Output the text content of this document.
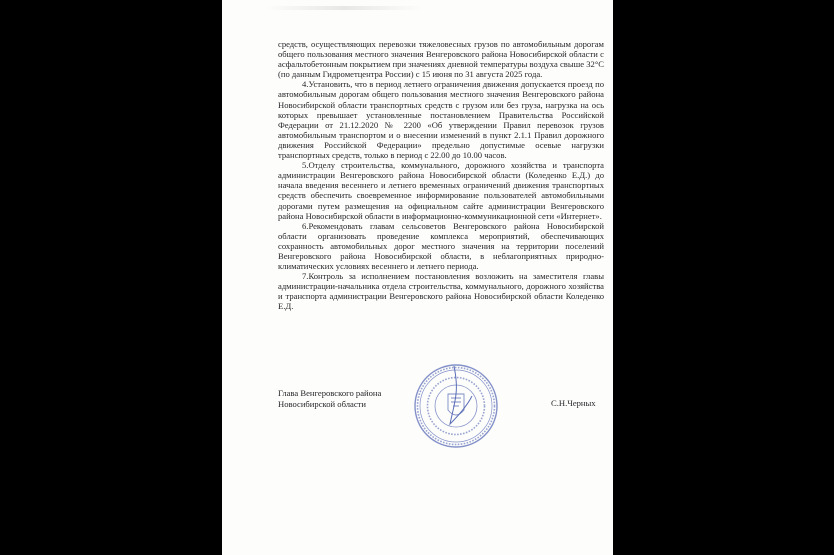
средств, осуществляющих перевозки тяжеловесных грузов по автомобильным дорогам общего пользования местного значения Венгеровского района Новосибирской области с асфальтобетонным покрытием при значениях дневной температуры воздуха свыше 32°С (по данным Гидрометцентра России) с 15 июня по 31 августа 2025 года.

4.Установить, что в период летнего ограничения движения допускается проезд по автомобильным дорогам общего пользования местного значения Венгеровского района Новосибирской области транспортных средств с грузом или без груза, нагрузка на ось которых превышает установленные постановлением Правительства Российской Федерации от 21.12.2020 № 2200 «Об утверждении Правил перевозок грузов автомобильным транспортом и о внесении изменений в пункт 2.1.1 Правил дорожного движения Российской Федерации» предельно допустимые осевые нагрузки транспортных средств, только в период с 22.00 до 10.00 часов.

5.Отделу строительства, коммунального, дорожного хозяйства и транспорта администрации Венгеровского района Новосибирской области (Коледенко Е.Д.) до начала введения весеннего и летнего временных ограничений движения транспортных средств обеспечить своевременное информирование пользователей автомобильными дорогами путем размещения на официальном сайте администрации Венгеровского района Новосибирской области в информационно-коммуникационной сети «Интернет».

6.Рекомендовать главам сельсоветов Венгеровского района Новосибирской области организовать проведение комплекса мероприятий, обеспечивающих сохранность автомобильных дорог местного значения на территории поселений Венгеровского района Новосибирской области, в неблагоприятных природно-климатических условиях весеннего и летнего периода.

7.Контроль за исполнением постановления возложить на заместителя главы администрации-начальника отдела строительства, коммунального, дорожного хозяйства и транспорта администрации Венгеровского района Новосибирской области Коледенко Е.Д.

Глава Венгеровского района
Новосибирской области	С.Н.Черных
